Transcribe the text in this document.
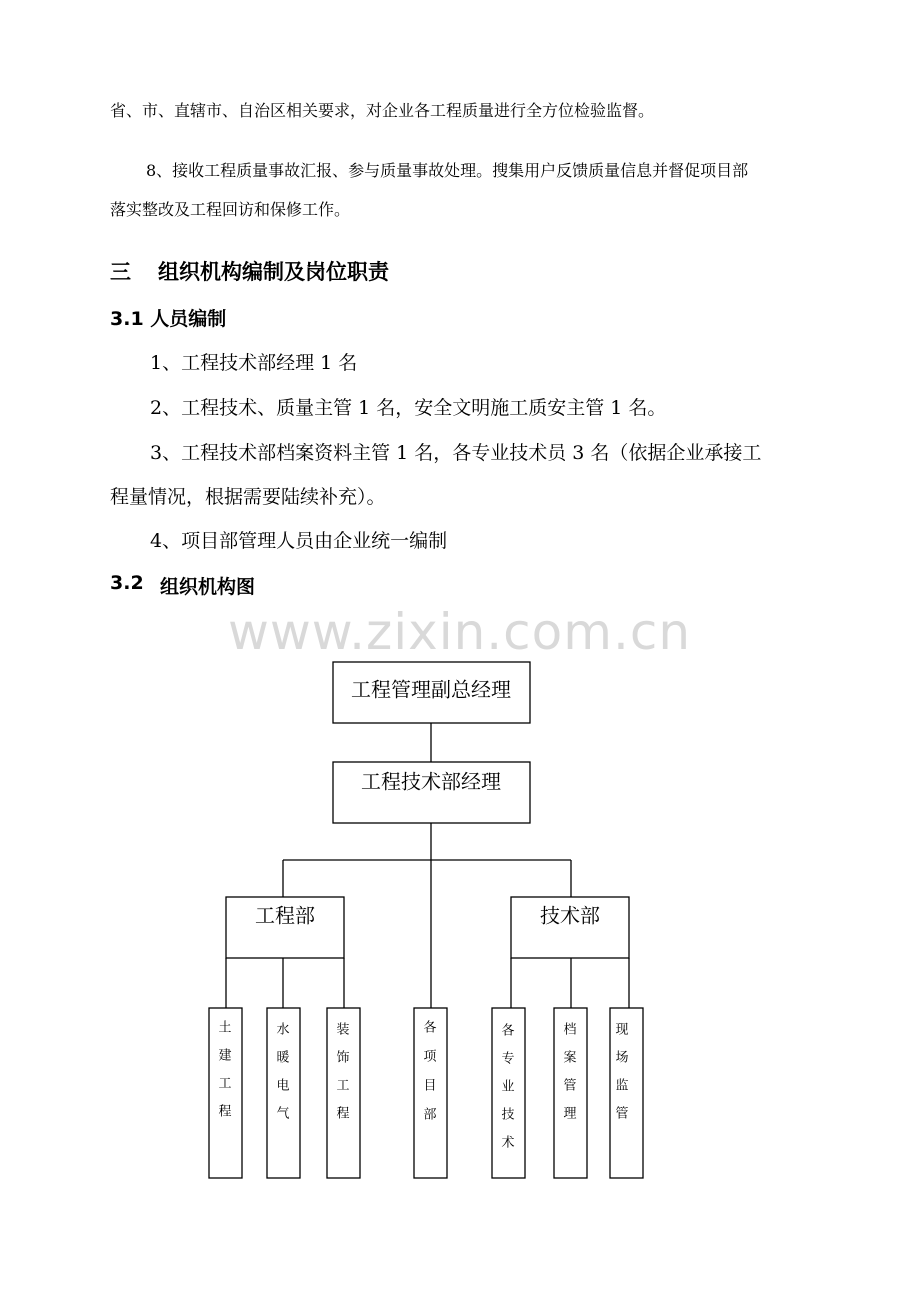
www.zixin.com.cn
省、市、直辖市、自治区相关要求，对企业各工程质量进行全方位检验监督。
8、接收工程质量事故汇报、参与质量事故处理。搜集用户反馈质量信息并督促项目部
落实整改及工程回访和保修工作。
三 组织机构编制及岗位职责
3.1 人员编制
1、工程技术部经理 1 名
2、工程技术、质量主管 1 名，安全文明施工质安主管 1 名。
3、工程技术部档案资料主管 1 名，各专业技术员 3 名（依据企业承接工
程量情况，根据需要陆续补充）。
4、项目部管理人员由企业统一编制
3.2 组织机构图
工程管理副总经理
工程技术部经理
工程部	技术部
土
建
工
程
水
暖
电
气
装
饰
工
程
各
项
目
部
各
专
业
技
术
档
案
管
理
现
场
监
管
